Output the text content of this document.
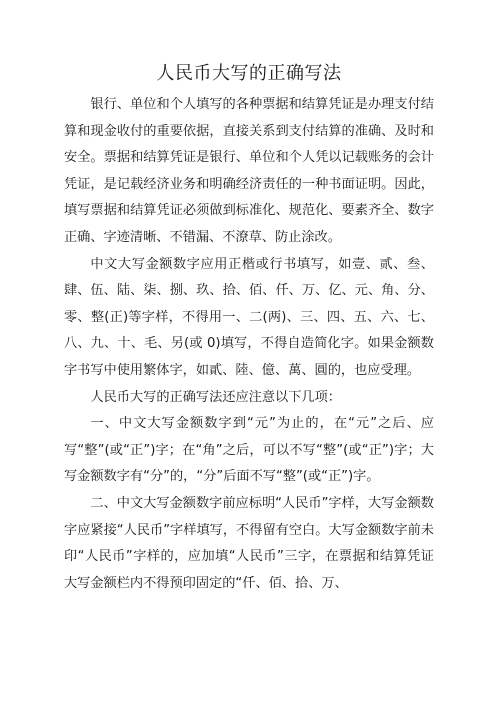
人民币大写的正确写法

银行、单位和个人填写的各种票据和结算凭证是办理支付结算和现金收付的重要依据，直接关系到支付结算的准确、及时和安全。票据和结算凭证是银行、单位和个人凭以记载账务的会计凭证，是记载经济业务和明确经济责任的一种书面证明。因此，填写票据和结算凭证必须做到标准化、规范化、要素齐全、数字正确、字迹清晰、不错漏、不潦草、防止涂改。

中文大写金额数字应用正楷或行书填写，如壹、贰、叁、肆、伍、陆、柒、捌、玖、拾、佰、仟、万、亿、元、角、分、零、整(正)等字样，不得用一、二(两)、三、四、五、六、七、八、九、十、毛、另(或 0)填写，不得自造简化字。如果金额数字书写中使用繁体字，如貳、陸、億、萬、圓的，也应受理。

人民币大写的正确写法还应注意以下几项：

一、中文大写金额数字到“元”为止的，在“元”之后、应写“整”(或“正”)字；在“角”之后，可以不写“整”(或“正”)字；大写金额数字有“分”的，“分”后面不写“整”(或“正”)字。

二、中文大写金额数字前应标明“人民币”字样，大写金额数字应紧接“人民币”字样填写，不得留有空白。大写金额数字前未印“人民币”字样的，应加填“人民币”三字，在票据和结算凭证大写金额栏内不得预印固定的“仟、佰、拾、万、
